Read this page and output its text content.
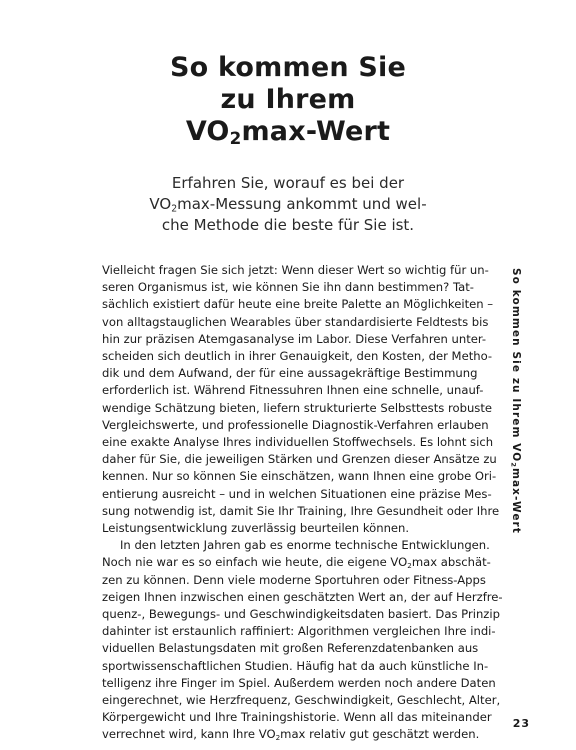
So kommen Sie
zu Ihrem
$VO_2\max$-Wert

Erfahren Sie, worauf es bei der
$VO_2\max$-Messung ankommt und wel-
che Methode die beste für Sie ist.

Vielleicht fragen Sie sich jetzt: Wenn dieser Wert so wichtig für un-
seren Organismus ist, wie können Sie ihn dann bestimmen? Tat-
sächlich existiert dafür heute eine breite Palette an Möglichkeiten –
von alltagstauglichen Wearables über standardisierte Feldtests bis
hin zur präzisen Atemgasanalyse im Labor. Diese Verfahren unter-
scheiden sich deutlich in ihrer Genauigkeit, den Kosten, der Metho-
dik und dem Aufwand, der für eine aussagekräftige Bestimmung
erforderlich ist. Während Fitnessuhren Ihnen eine schnelle, unauf-
wendige Schätzung bieten, liefern strukturierte Selbsttests robuste
Vergleichswerte, und professionelle Diagnostik-Verfahren erlauben
eine exakte Analyse Ihres individuellen Stoffwechsels. Es lohnt sich
daher für Sie, die jeweiligen Stärken und Grenzen dieser Ansätze zu
kennen. Nur so können Sie einschätzen, wann Ihnen eine grobe Ori-
entierung ausreicht – und in welchen Situationen eine präzise Mes-
sung notwendig ist, damit Sie Ihr Training, Ihre Gesundheit oder Ihre
Leistungsentwicklung zuverlässig beurteilen können.
In den letzten Jahren gab es enorme technische Entwicklungen.
Noch nie war es so einfach wie heute, die eigene $VO_2\max$ abschät-
zen zu können. Denn viele moderne Sportuhren oder Fitness-Apps
zeigen Ihnen inzwischen einen geschätzten Wert an, der auf Herzfre-
quenz-, Bewegungs- und Geschwindigkeitsdaten basiert. Das Prinzip
dahinter ist erstaunlich raffiniert: Algorithmen vergleichen Ihre indi-
viduellen Belastungsdaten mit großen Referenzdatenbanken aus
sportwissenschaftlichen Studien. Häufig hat da auch künstliche In-
telligenz ihre Finger im Spiel. Außerdem werden noch andere Daten
eingerechnet, wie Herzfrequenz, Geschwindigkeit, Geschlecht, Alter,
Körpergewicht und Ihre Trainingshistorie. Wenn all das miteinander
verrechnet wird, kann Ihre $VO_2\max$ relativ gut geschätzt werden.
So kommen Sie zu Ihrem $VO_2\max$-Wert
23
